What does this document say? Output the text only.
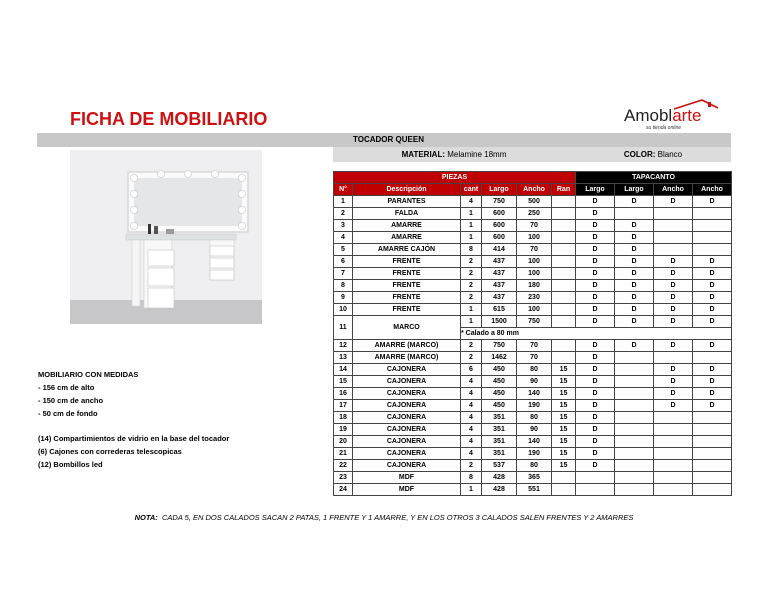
FICHA DE MOBILIARIO	Amoblarte
su tienda online
TOCADOR QUEEN
MATERIAL: Melamine 18mm	COLOR: Blanco
PIEZAS						TAPACANTO			
N°	Descripción	cant	Largo	Ancho	Ran	Largo	Largo	Ancho	Ancho
1	PARANTES	4	750	500		D	D	D	D
2	FALDA	1	600	250		D			
3	AMARRE	1	600	70		D	D		
4	AMARRE	1	600	100		D	D		
5	AMARRE CAJÓN	8	414	70		D	D		
6	FRENTE	2	437	100		D	D	D	D
7	FRENTE	2	437	100		D	D	D	D
8	FRENTE	2	437	180		D	D	D	D
9	FRENTE	2	437	230		D	D	D	D
10	FRENTE	1	615	100		D	D	D	D
11	MARCO	1	1500	750		D	D	D	D
		* Calado a 80 mm							
12	AMARRE (MARCO)	2	750	70		D	D	D	D
13	AMARRE (MARCO)	2	1462	70		D			
14	CAJONERA	6	450	80	15	D		D	D
15	CAJONERA	4	450	90	15	D		D	D
16	CAJONERA	4	450	140	15	D		D	D
17	CAJONERA	4	450	190	15	D		D	D
18	CAJONERA	4	351	80	15	D			
19	CAJONERA	4	351	90	15	D			
20	CAJONERA	4	351	140	15	D			
21	CAJONERA	4	351	190	15	D			
22	CAJONERA	2	537	80	15	D			
23	MDF	8	428	365					
24	MDF	1	428	551					
MOBILIARIO CON MEDIDAS
- 156 cm de alto
- 150 cm de ancho
- 50 cm de fondo
(14) Compartimientos de vidrio en la base del tocador
(6) Cajones con correderas telescopicas
(12) Bombillos led
NOTA: CADA 5, EN DOS CALADOS SACAN 2 PATAS, 1 FRENTE Y 1 AMARRE, Y EN LOS OTROS 3 CALADOS SALEN FRENTES Y 2 AMARRES
